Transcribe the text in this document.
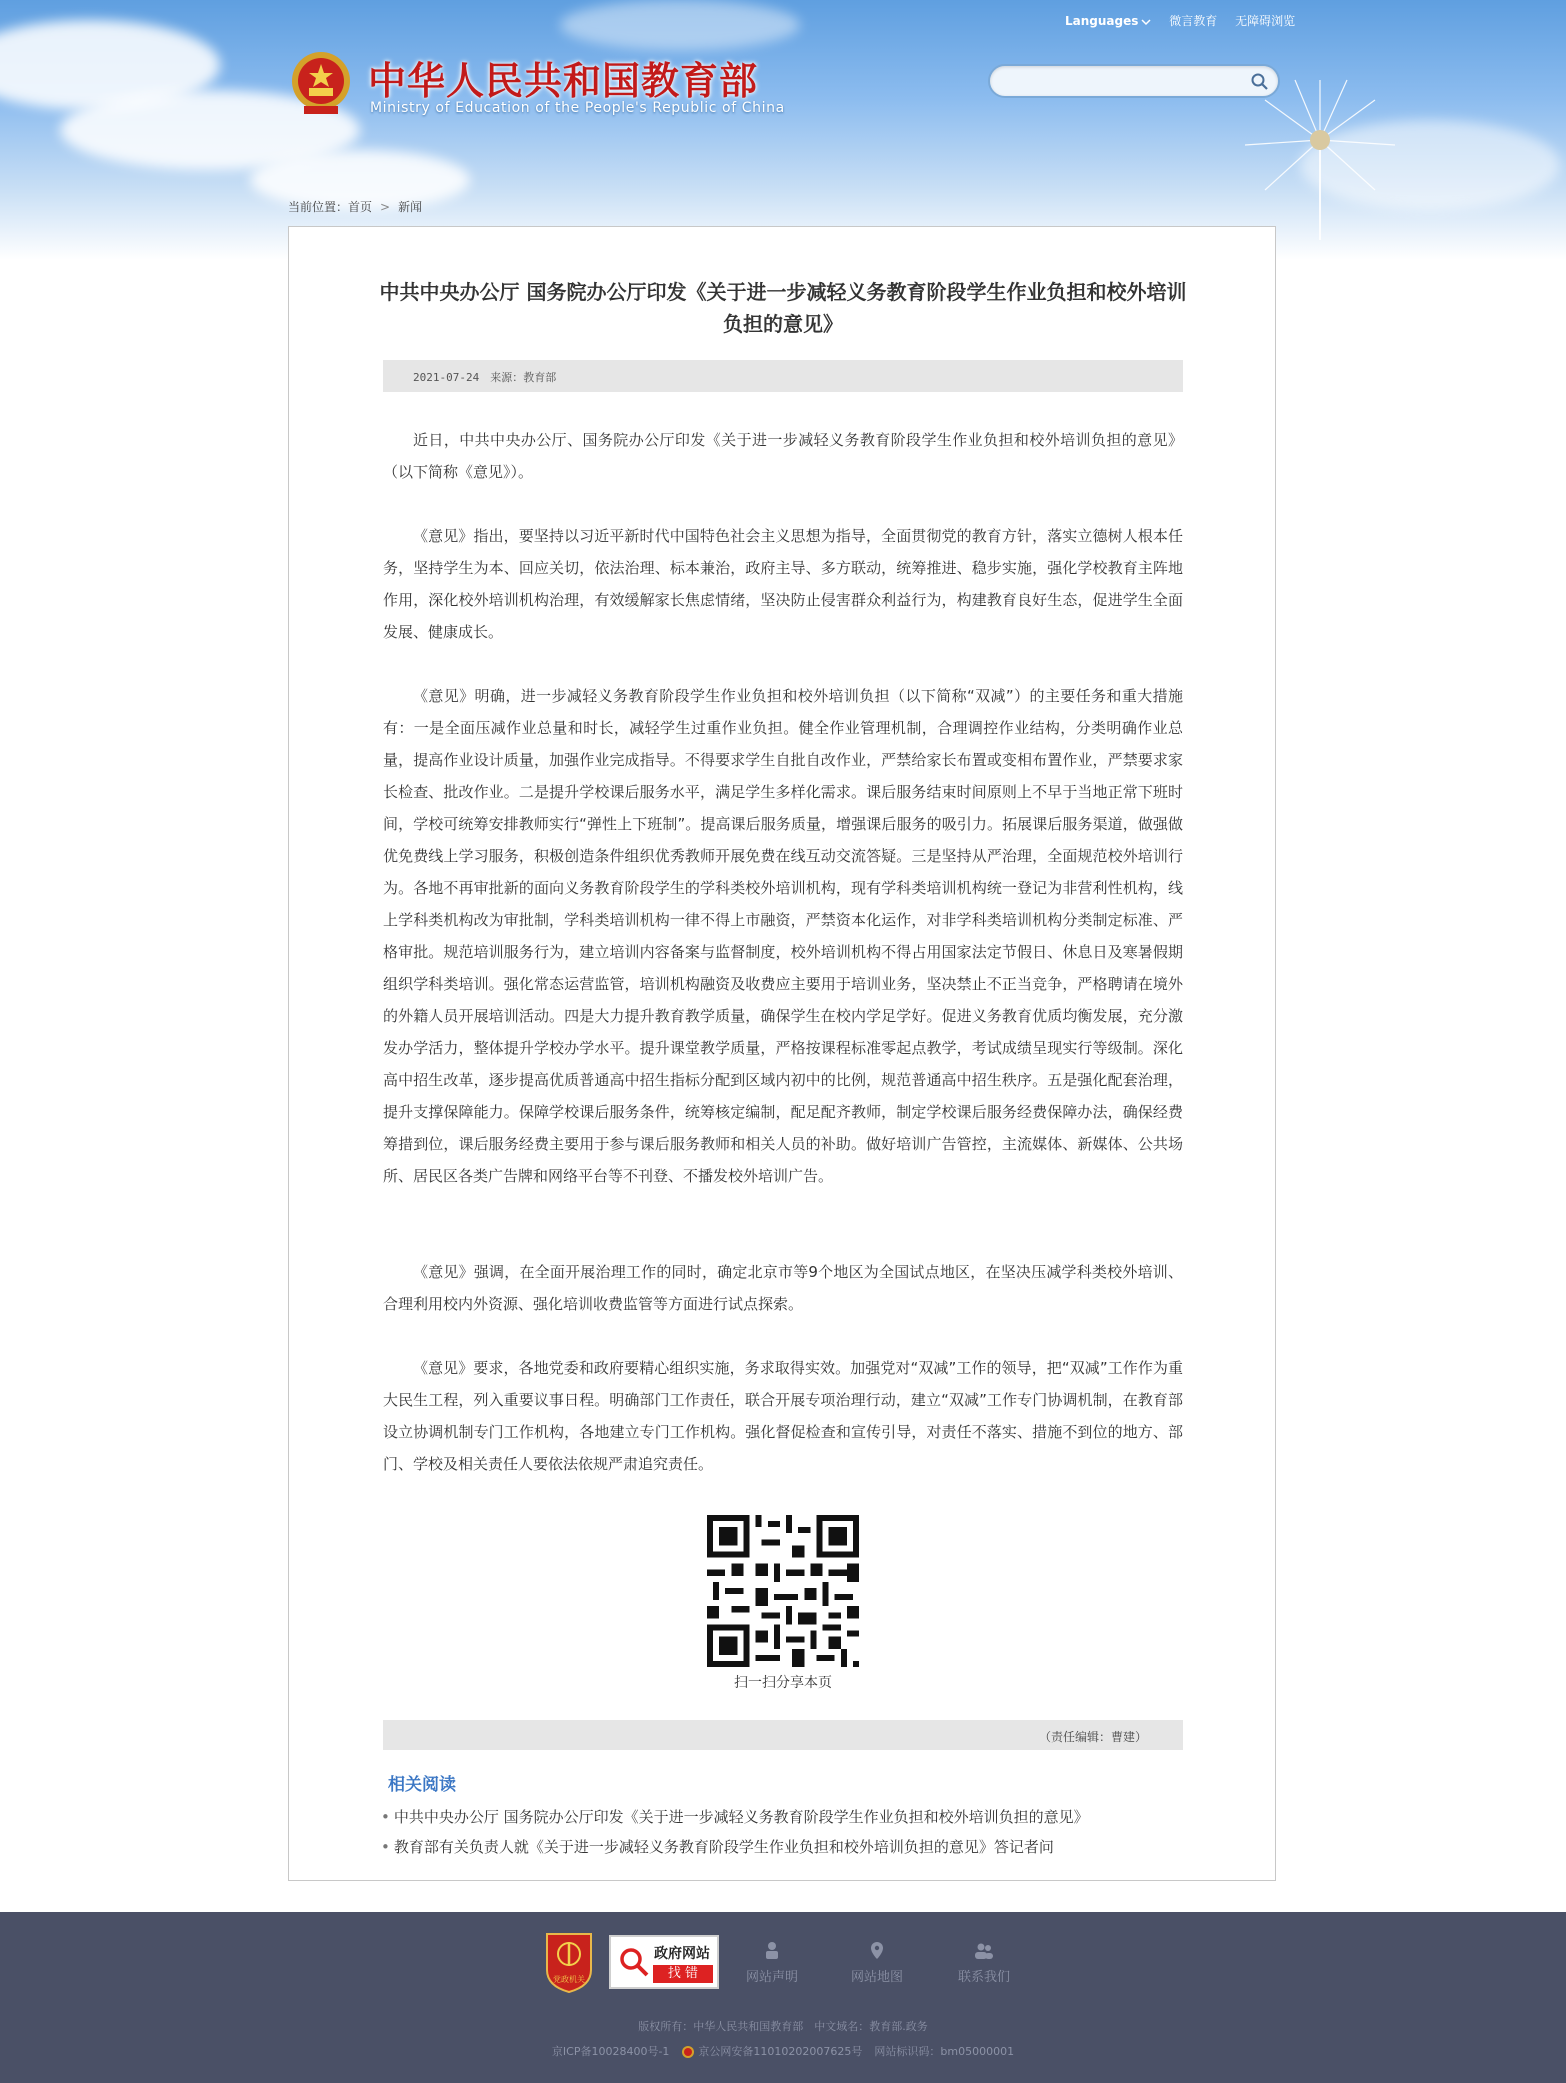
中华人民共和国教育部
Ministry of Education of the People's Republic of China
Languages	微言教育 无障碍浏览
当前位置：首页 > 新闻
中共中央办公厅 国务院办公厅印发《关于进一步减轻义务教育阶段学生作业负担和校外培训负担的意见》
2021-07-24　来源：教育部

近日，中共中央办公厅、国务院办公厅印发《关于进一步减轻义务教育阶段学生作业负担和校外培训负担的意见》（以下简称《意见》）。

《意见》指出，要坚持以习近平新时代中国特色社会主义思想为指导，全面贯彻党的教育方针，落实立德树人根本任务，坚持学生为本、回应关切，依法治理、标本兼治，政府主导、多方联动，统筹推进、稳步实施，强化学校教育主阵地作用，深化校外培训机构治理，有效缓解家长焦虑情绪，坚决防止侵害群众利益行为，构建教育良好生态，促进学生全面发展、健康成长。

《意见》明确，进一步减轻义务教育阶段学生作业负担和校外培训负担（以下简称“双减”）的主要任务和重大措施有：一是全面压减作业总量和时长，减轻学生过重作业负担。健全作业管理机制，合理调控作业结构，分类明确作业总量，提高作业设计质量，加强作业完成指导。不得要求学生自批自改作业，严禁给家长布置或变相布置作业，严禁要求家长检查、批改作业。二是提升学校课后服务水平，满足学生多样化需求。课后服务结束时间原则上不早于当地正常下班时间，学校可统筹安排教师实行“弹性上下班制”。提高课后服务质量，增强课后服务的吸引力。拓展课后服务渠道，做强做优免费线上学习服务，积极创造条件组织优秀教师开展免费在线互动交流答疑。三是坚持从严治理，全面规范校外培训行为。各地不再审批新的面向义务教育阶段学生的学科类校外培训机构，现有学科类培训机构统一登记为非营利性机构，线上学科类机构改为审批制，学科类培训机构一律不得上市融资，严禁资本化运作，对非学科类培训机构分类制定标准、严格审批。规范培训服务行为，建立培训内容备案与监督制度，校外培训机构不得占用国家法定节假日、休息日及寒暑假期组织学科类培训。强化常态运营监管，培训机构融资及收费应主要用于培训业务，坚决禁止不正当竞争，严格聘请在境外的外籍人员开展培训活动。四是大力提升教育教学质量，确保学生在校内学足学好。促进义务教育优质均衡发展，充分激发办学活力，整体提升学校办学水平。提升课堂教学质量，严格按课程标准零起点教学，考试成绩呈现实行等级制。深化高中招生改革，逐步提高优质普通高中招生指标分配到区域内初中的比例，规范普通高中招生秩序。五是强化配套治理，提升支撑保障能力。保障学校课后服务条件，统筹核定编制，配足配齐教师，制定学校课后服务经费保障办法，确保经费筹措到位，课后服务经费主要用于参与课后服务教师和相关人员的补助。做好培训广告管控，主流媒体、新媒体、公共场所、居民区各类广告牌和网络平台等不刊登、不播发校外培训广告。

《意见》强调，在全面开展治理工作的同时，确定北京市等9个地区为全国试点地区，在坚决压减学科类校外培训、合理利用校内外资源、强化培训收费监管等方面进行试点探索。

《意见》要求，各地党委和政府要精心组织实施，务求取得实效。加强党对“双减”工作的领导，把“双减”工作作为重大民生工程，列入重要议事日程。明确部门工作责任，联合开展专项治理行动，建立“双减”工作专门协调机制，在教育部设立协调机制专门工作机构，各地建立专门工作机构。强化督促检查和宣传引导，对责任不落实、措施不到位的地方、部门、学校及相关责任人要依法依规严肃追究责任。

扫一扫分享本页
（责任编辑：曹建）
相关阅读
• 中共中央办公厅 国务院办公厅印发《关于进一步减轻义务教育阶段学生作业负担和校外培训负担的意见》
• 教育部有关负责人就《关于进一步减轻义务教育阶段学生作业负担和校外培训负担的意见》答记者问
党政机关
政府网站
找 错	网站声明	网站地图	联系我们
版权所有：中华人民共和国教育部　中文域名：教育部.政务
京ICP备10028400号-1	京公网安备11010202007625号 网站标识码：bm05000001
